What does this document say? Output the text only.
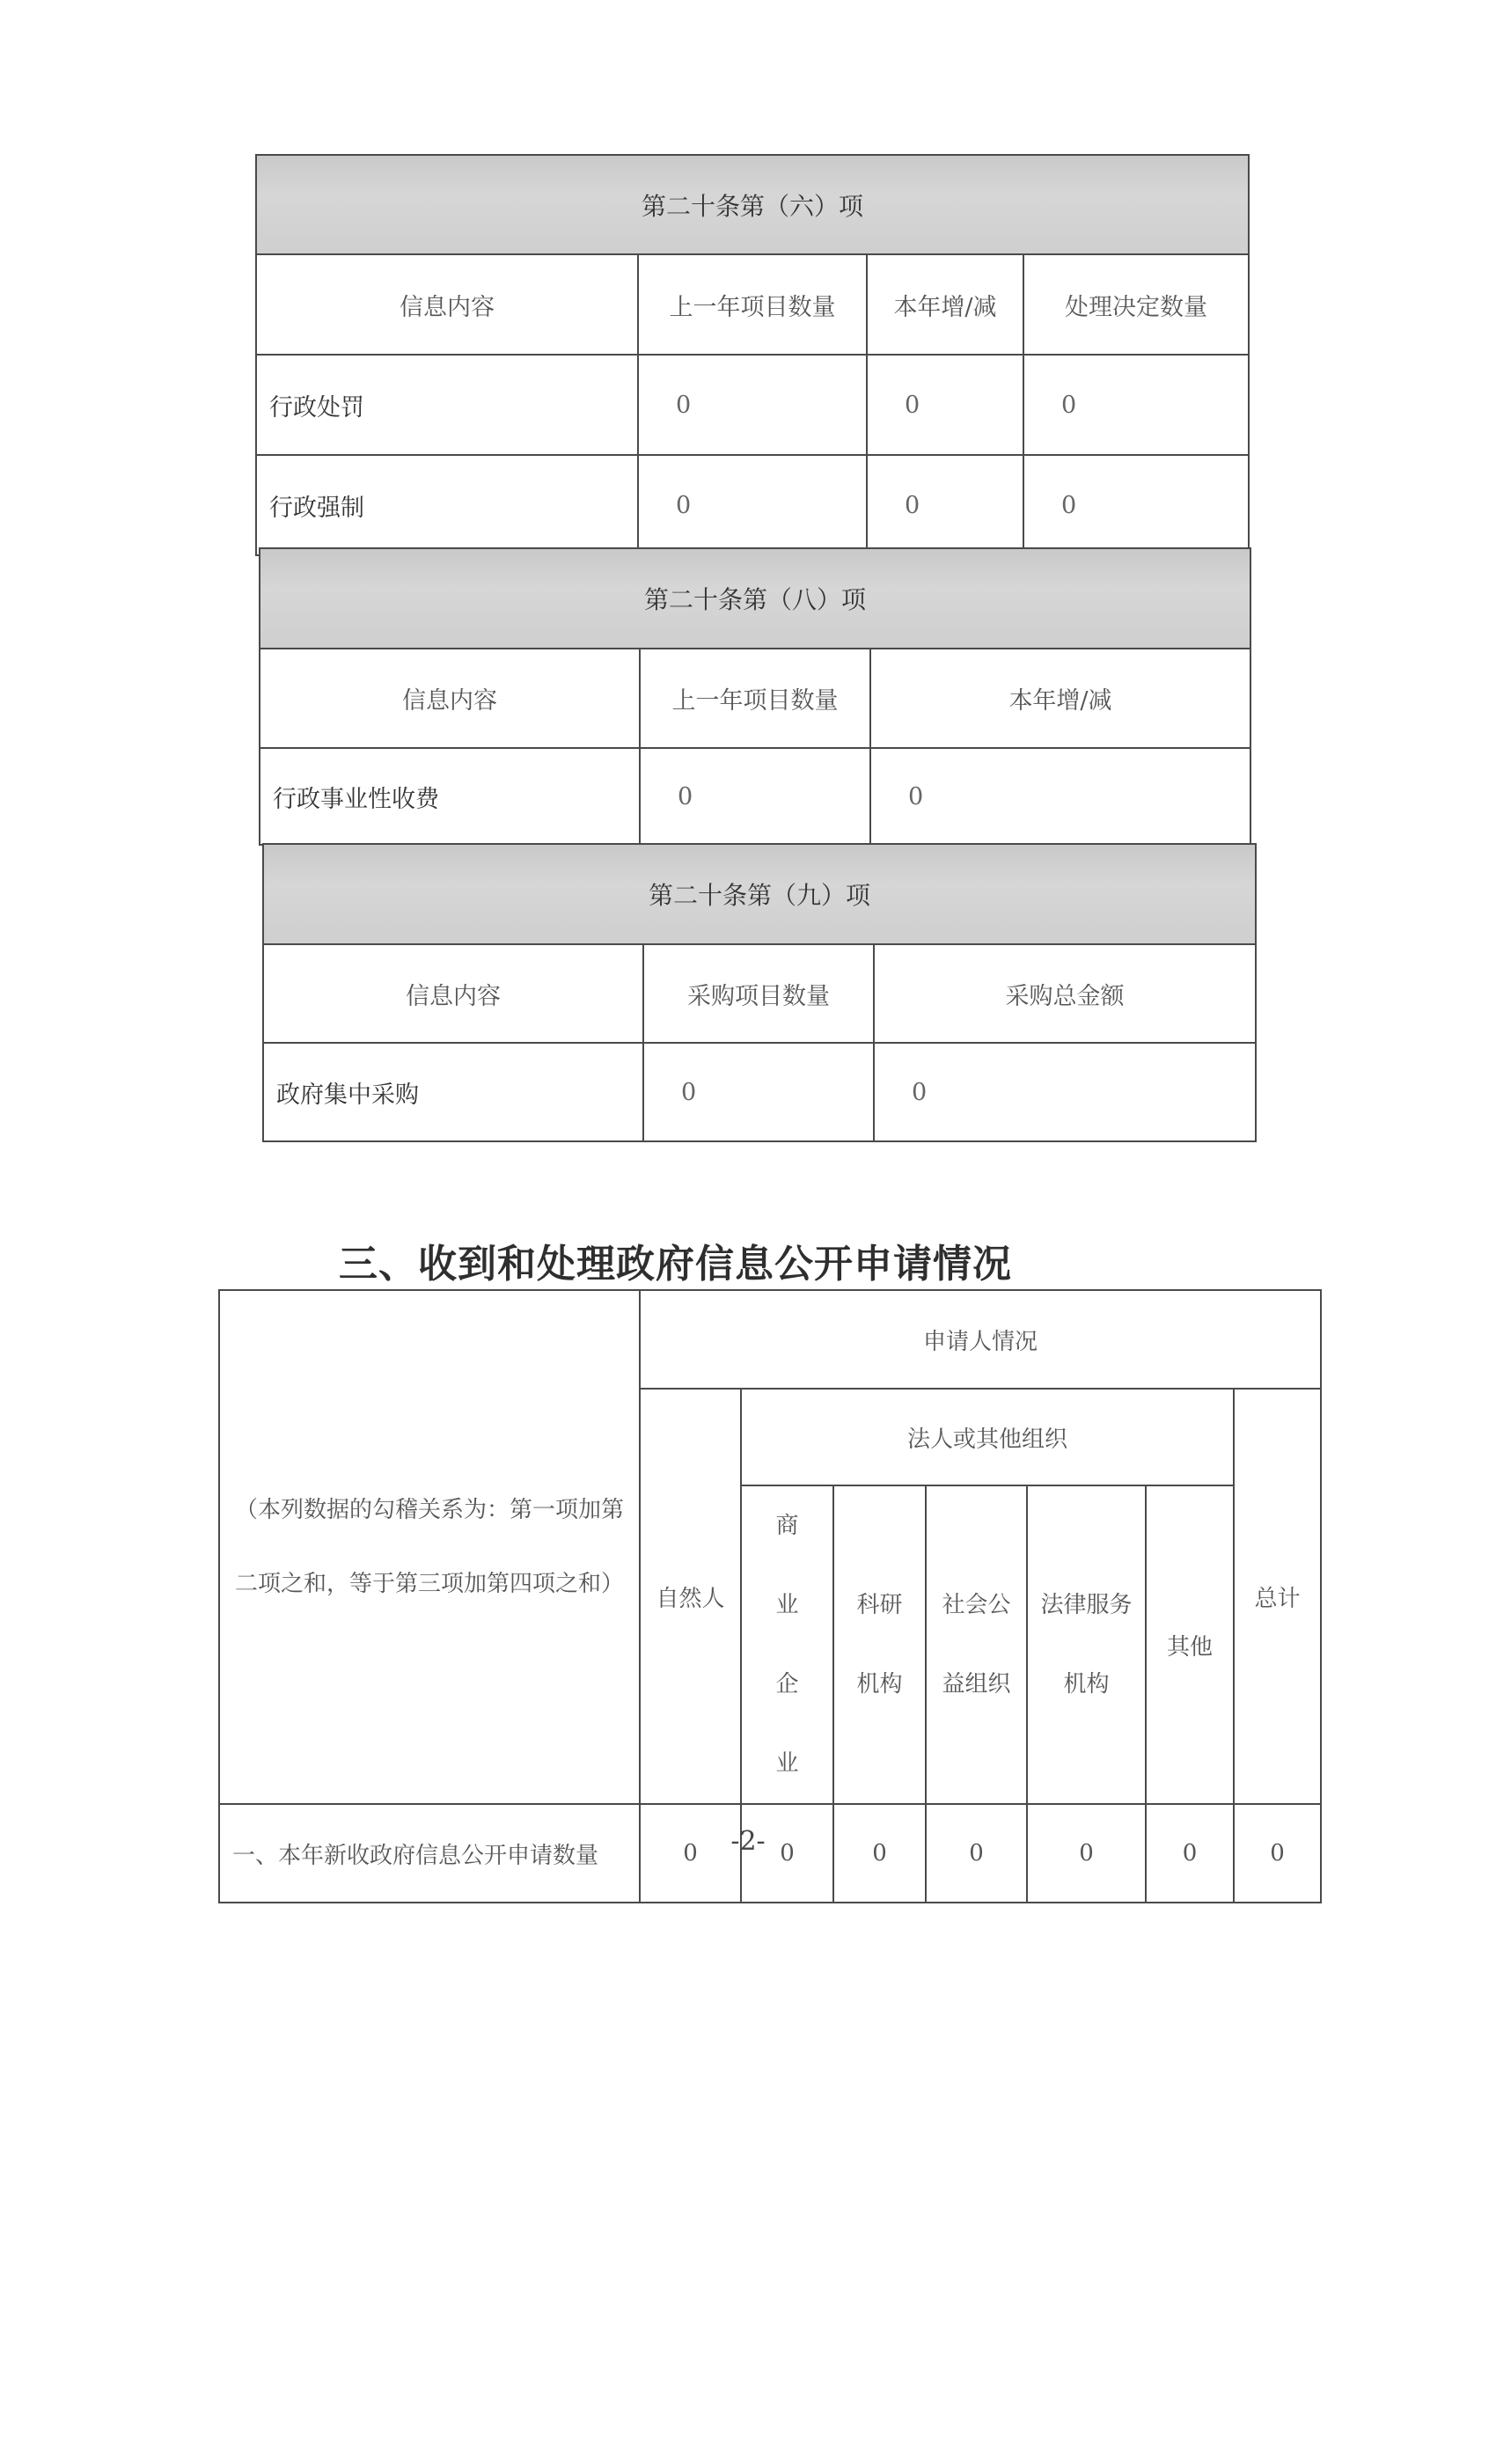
第二十条第（六）项			
信息内容	上一年项目数量	本年增/减	处理决定数量
行政处罚	0	0	0
行政强制	0	0	0
第二十条第（八）项		
信息内容	上一年项目数量	本年增/减
行政事业性收费	0	0
第二十条第（九）项		
信息内容	采购项目数量	采购总金额
政府集中采购	0	0
三、收到和处理政府信息公开申请情况
（本列数据的勾稽关系为：第一项加第二项之和，等于第三项加第四项之和）	申请人情况						
	自然人	法人或其他组织					总计
		商业企业	科研机构	社会公益组织	法律服务机构	其他	

一、本年新收政府信息公开申请数量	0	0	0	0	0	0	0
-2-
